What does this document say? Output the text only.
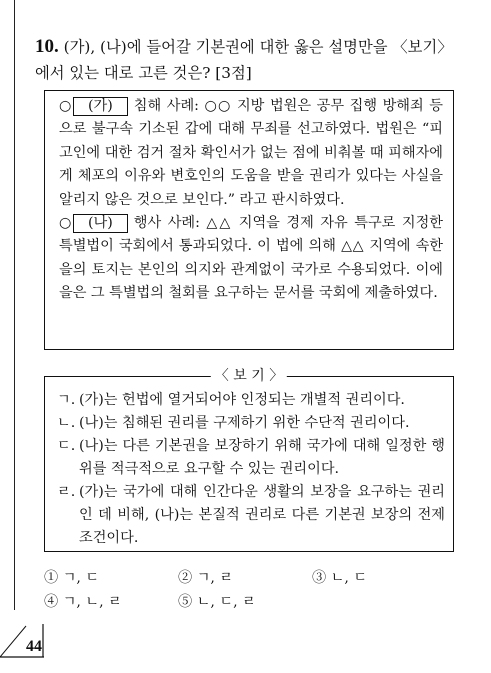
10. (가), (나)에 들어갈 기본권에 대한 옳은 설명만을 〈보기〉에서 있는 대로 고른 것은? [3점]
○ (가) 침해 사례: ○○ 지방 법원은 공무 집행 방해죄 등으로 불구속 기소된 갑에 대해 무죄를 선고하였다. 법원은 “피고인에 대한 검거 절차 확인서가 없는 점에 비춰볼 때 피해자에게 체포의 이유와 변호인의 도움을 받을 권리가 있다는 사실을 알리지 않은 것으로 보인다.” 라고 판시하였다.
○ (나) 행사 사례: △△ 지역을 경제 자유 특구로 지정한 특별법이 국회에서 통과되었다. 이 법에 의해 △△ 지역에 속한 을의 토지는 본인의 의지와 관계없이 국가로 수용되었다. 이에 을은 그 특별법의 철회를 요구하는 문서를 국회에 제출하였다.
〈 보 기 〉
ㄱ. (가)는 헌법에 열거되어야 인정되는 개별적 권리이다.
ㄴ. (나)는 침해된 권리를 구제하기 위한 수단적 권리이다.
ㄷ. (나)는 다른 기본권을 보장하기 위해 국가에 대해 일정한 행위를 적극적으로 요구할 수 있는 권리이다.
ㄹ. (가)는 국가에 대해 인간다운 생활의 보장을 요구하는 권리인 데 비해, (나)는 본질적 권리로 다른 기본권 보장의 전제 조건이다.
① ㄱ, ㄷ	② ㄱ, ㄹ	③ ㄴ, ㄷ
④ ㄱ, ㄴ, ㄹ	⑤ ㄴ, ㄷ, ㄹ
44
